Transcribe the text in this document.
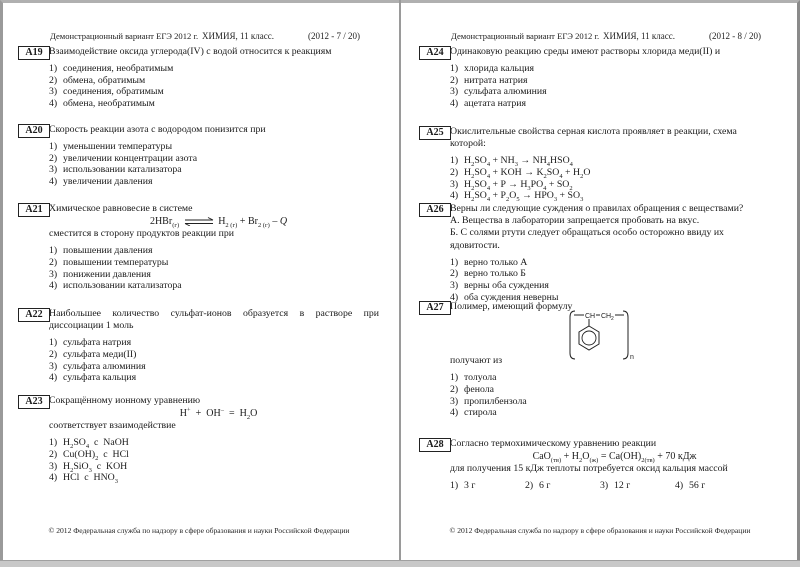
Демонстрационный вариант ЕГЭ 2012 г. ХИМИЯ, 11 класс.	(2012 - 7 / 20)
A19 Взаимодействие оксида углерода(IV) с водой относится к реакциям
1) соединения, необратимым
2) обмена, обратимым
3) соединения, обратимым
4) обмена, необратимым
A20 Скорость реакции азота с водородом понизится при
1) уменьшении температуры
2) увеличении концентрации азота
3) использовании катализатора
4) увеличении давления
A21 Химическое равновесие в системе
2HBr$_{(г)}$ ⇌ $H_{2 (г)} + Br_{2 (г)} - Q$
сместится в сторону продуктов реакции при
1) повышении давления
2) повышении температуры
3) понижении давления
4) использовании катализатора
A22 Наибольшее количество сульфат-ионов образуется в растворе при диссоциации 1 моль
1) сульфата натрия
2) сульфата меди(II)
3) сульфата алюминия
4) сульфата кальция
A23 Сокращённому ионному уравнению
$H^+ + OH^- = H_2O$
соответствует взаимодействие
1) $H_2SO_4$ с NaOH
2) $Cu(OH)_2$ с HCl
3) $H_2SiO_3$ с KOH
4) HCl с $HNO_3$
© 2012 Федеральная служба по надзору в сфере образования и науки Российской Федерации
Демонстрационный вариант ЕГЭ 2012 г. ХИМИЯ, 11 класс.	(2012 - 8 / 20)
A24 Одинаковую реакцию среды имеют растворы хлорида меди(II) и
1) хлорида кальция
2) нитрата натрия
3) сульфата алюминия
4) ацетата натрия
A25 Окислительные свойства серная кислота проявляет в реакции, схема которой:
1) $H_2SO_4 + NH_3 \to NH_4HSO_4$
2) $H_2SO_4$ + KOH → $K_2SO_4 + H_2O$
3) $H_2SO_4 + P \to H_3PO_4 + SO_2$
4) $H_2SO_4 + P_2O_5 \to HPO_3 + SO_3$
A26 Верны ли следующие суждения о правилах обращения с веществами?
А. Вещества в лаборатории запрещается пробовать на вкус.
Б. С солями ртути следует обращаться особо осторожно ввиду их ядовитости.
1) верно только А
2) верно только Б
3) верны оба суждения
4) оба суждения неверны
A27 Полимер, имеющий формулу
CH CH 2
n
получают из
1) толуола
2) фенола
3) пропилбензола
4) стирола
A28 Согласно термохимическому уравнению реакции
$CaO_{(тв)} + H_2O_{(ж)} = Ca(OH)_{2(тв)} + 70$ кДж
для получения 15 кДж теплоты потребуется оксид кальция массой
1) 3 г	2) 6 г	3) 12 г	4) 56 г
© 2012 Федеральная служба по надзору в сфере образования и науки Российской Федерации
